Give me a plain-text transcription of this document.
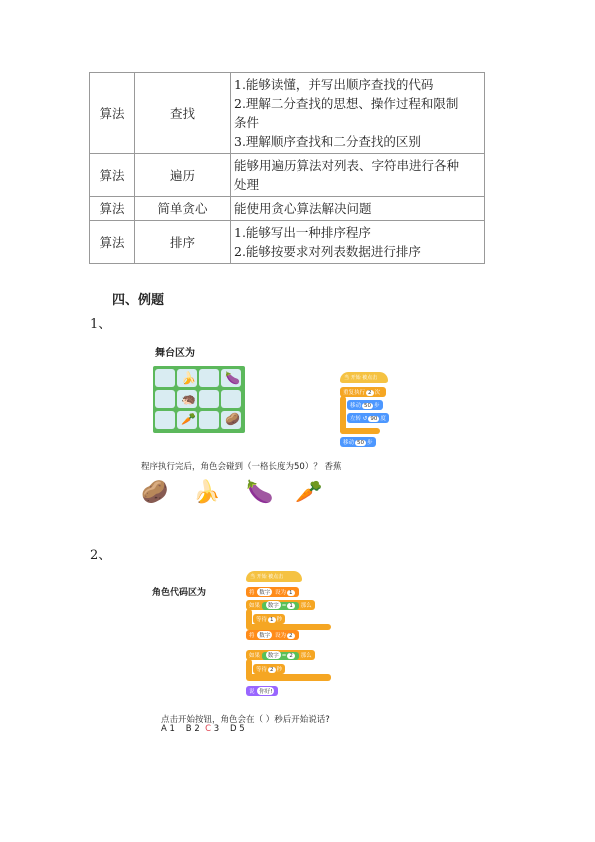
算法	查找	1.能够读懂，并写出顺序查找的代码
2.理解二分查找的思想、操作过程和限制
条件
3.理解顺序查找和二分查找的区别

算法	遍历	能够用遍历算法对列表、字符串进行各种
处理

算法	简单贪心	能使用贪心算法解决问题

算法	排序	1.能够写出一种排序程序
2.能够按要求对列表数据进行排序
四、例题
1、
舞台区为
🍌 🍆
🦔
🥕 🥔
当 开始 被点击
重复执行 2 次
移动 50 步
左转 ↺ 90 度
移动 50 步
程序执行完后，角色会碰到（一格长度为50）？ 香蕉
🥔 🍌 🍆 🥕
2、
角色代码区为
当 开始 被点击
将 数字 设为 1
如果 数字 = 1 那么
等待 1 秒
将 数字 设为 2
如果 数字 = 2 那么
等待 2 秒
说 你好!
点击开始按钮，角色会在（ ）秒后开始说话?
A 1 B 2 C 3 D 5
